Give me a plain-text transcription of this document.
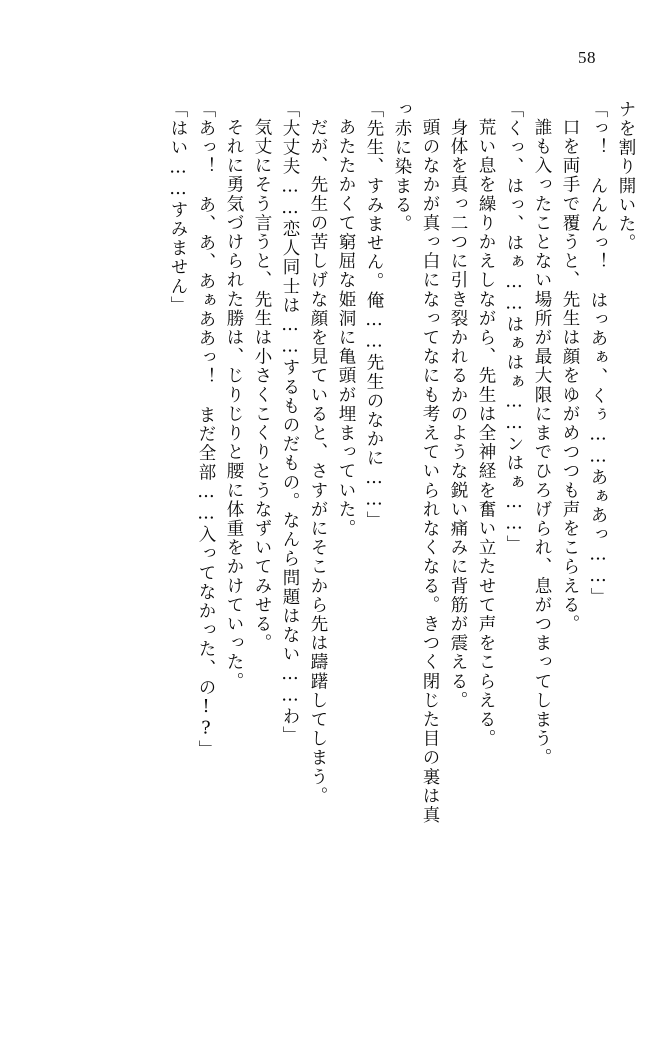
58
ナを割り開いた。
「っ！　んんんっ！　はっあぁ、くぅ……あぁあっ……」
口を両手で覆うと、先生は顔をゆがめつつも声をこらえる。
誰も入ったことない場所が最大限にまでひろげられ、息がつまってしまう。
「くっ、はっ、はぁ……はぁはぁ……ンはぁ……」
荒い息を繰りかえしながら、先生は全神経を奮い立たせて声をこらえる。
身体を真っ二つに引き裂かれるかのような鋭い痛みに背筋が震える。
頭のなかが真っ白になってなにも考えていられなくなる。きつく閉じた目の裏は真
っ赤に染まる。
「先生、すみません。俺……先生のなかに……」
あたたかくて窮屈な姫洞に亀頭が埋まっていた。
だが、先生の苦しげな顔を見ていると、さすがにそこから先は躊躇してしまう。
「大丈夫……恋人同士は……するものだもの。なんら問題はない……わ」
気丈にそう言うと、先生は小さくこくりとうなずいてみせる。
それに勇気づけられた勝は、じりじりと腰に体重をかけていった。
「あっ！　あ、あ、あぁああっ！　まだ全部……入ってなかった、の!?」
「はい……すみません」
